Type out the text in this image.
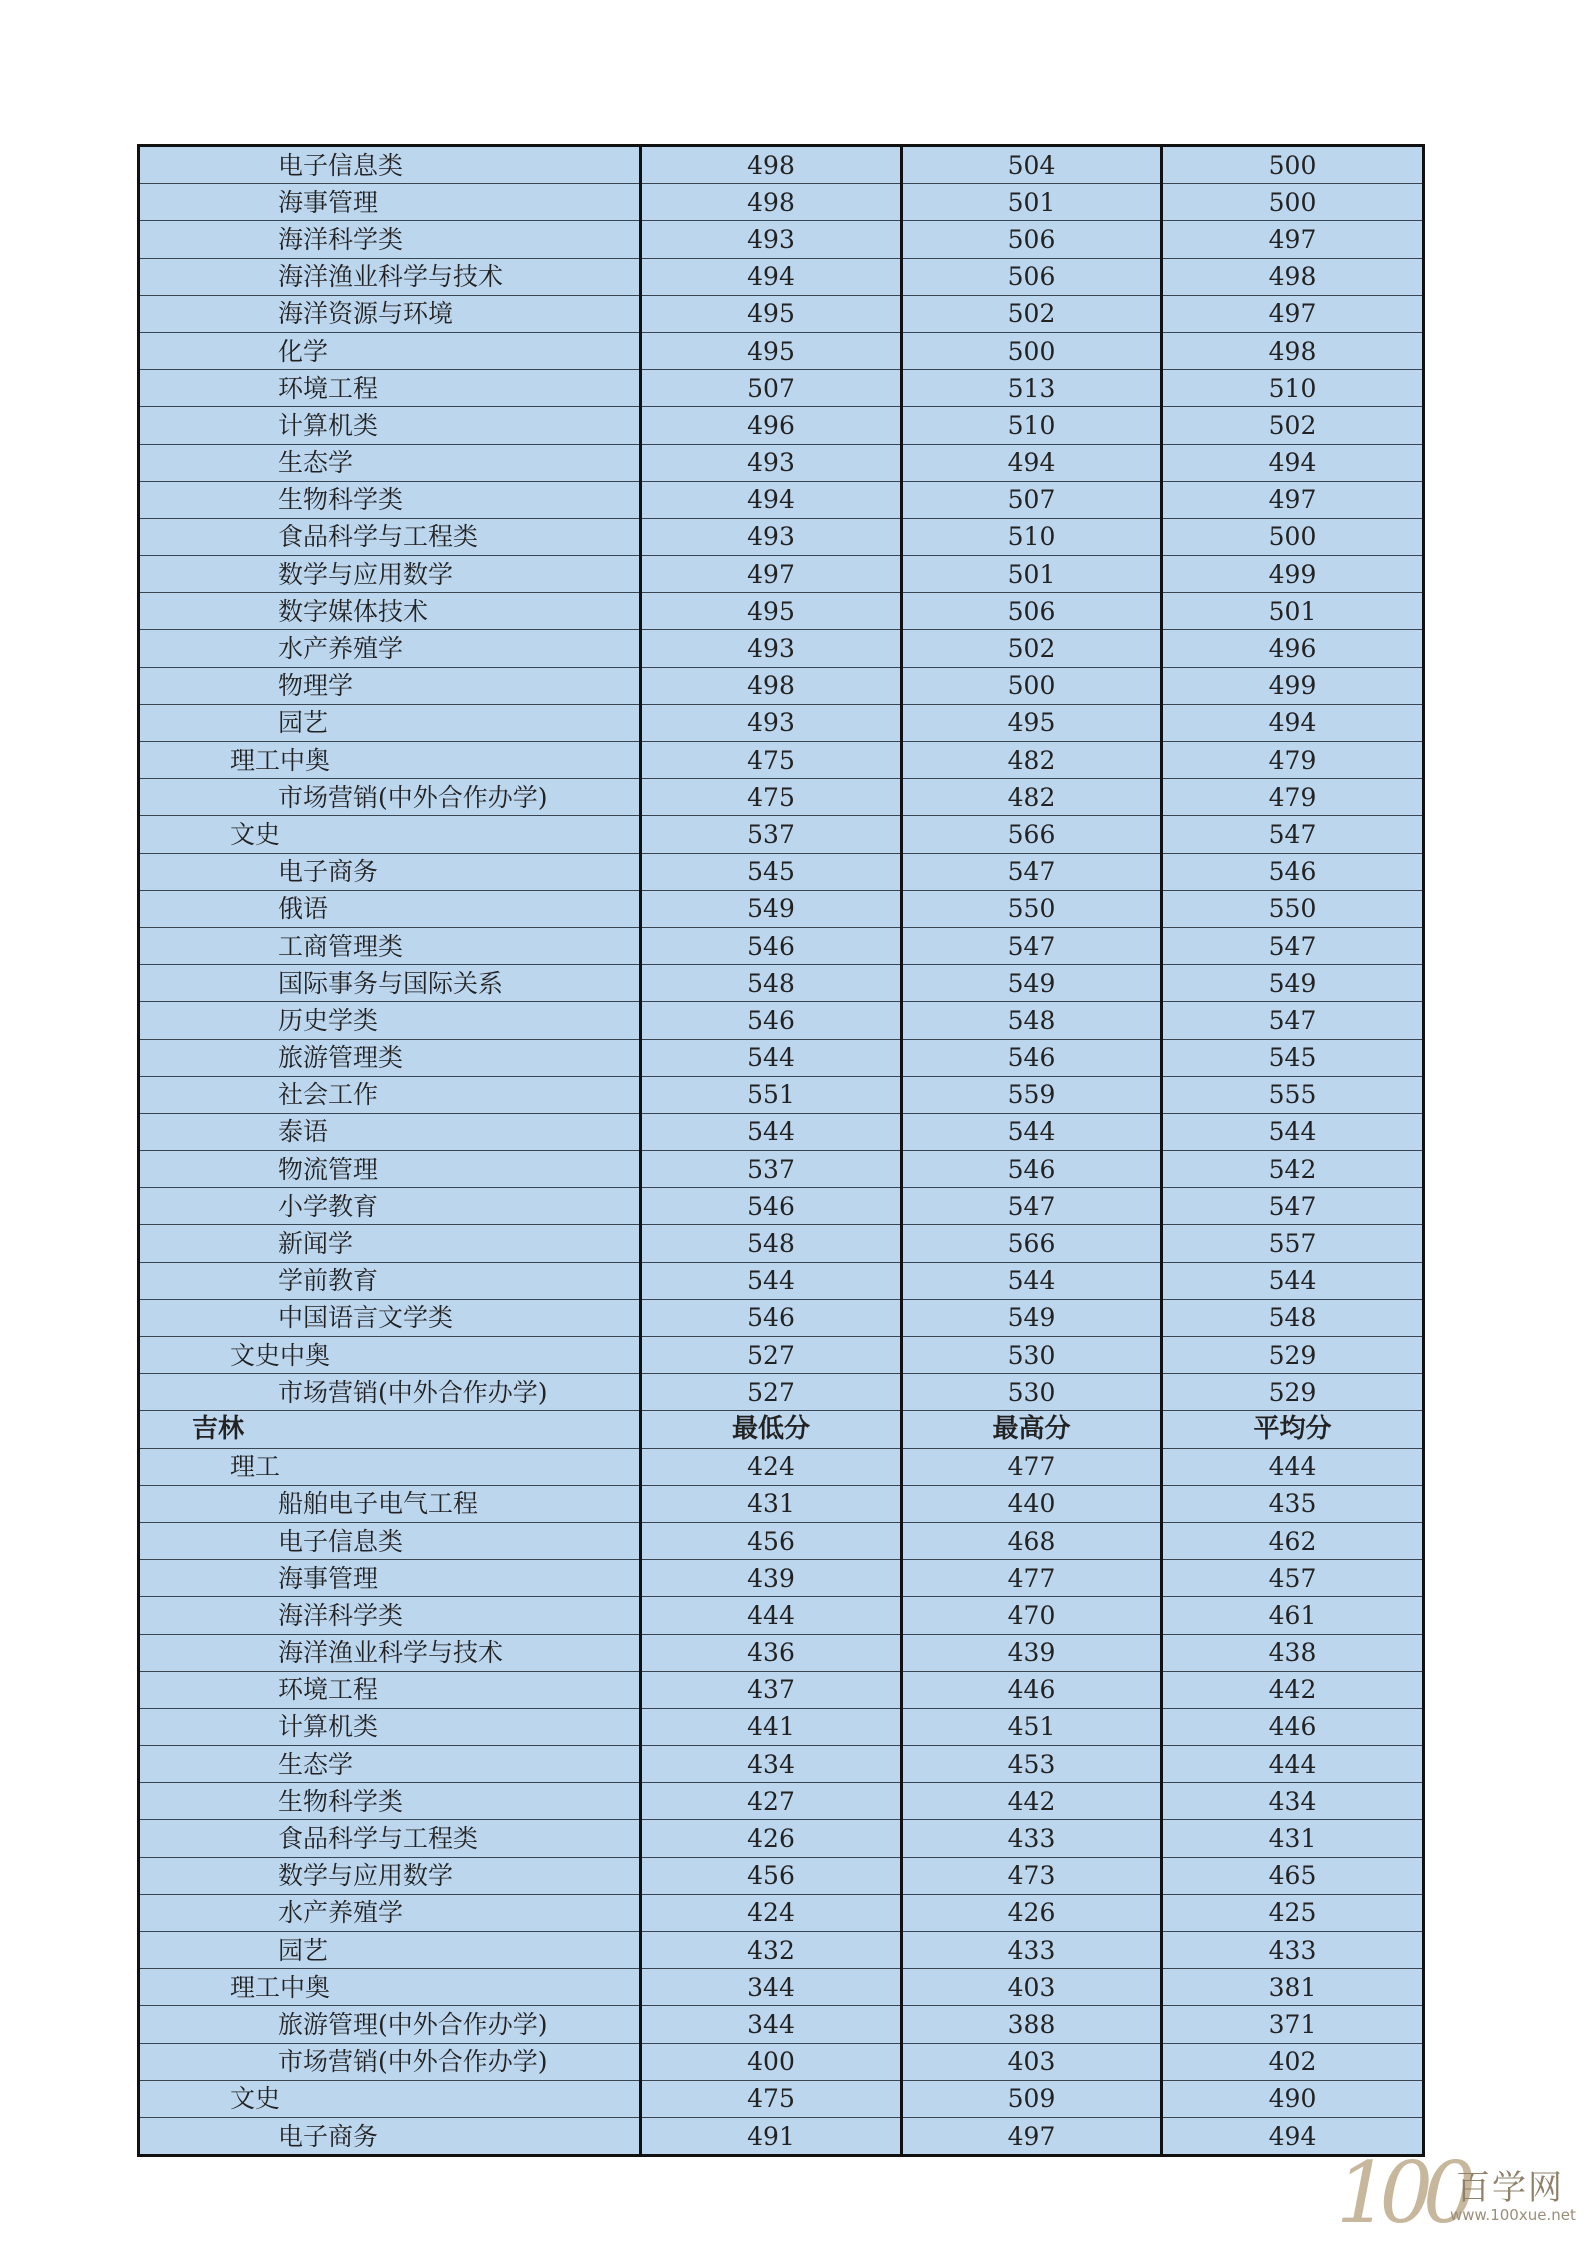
电子信息类	498	504	500
海事管理	498	501	500
海洋科学类	493	506	497
海洋渔业科学与技术	494	506	498
海洋资源与环境	495	502	497
化学	495	500	498
环境工程	507	513	510
计算机类	496	510	502
生态学	493	494	494
生物科学类	494	507	497
食品科学与工程类	493	510	500
数学与应用数学	497	501	499
数字媒体技术	495	506	501
水产养殖学	493	502	496
物理学	498	500	499
园艺	493	495	494
理工中奥	475	482	479
市场营销(中外合作办学)	475	482	479
文史	537	566	547
电子商务	545	547	546
俄语	549	550	550
工商管理类	546	547	547
国际事务与国际关系	548	549	549
历史学类	546	548	547
旅游管理类	544	546	545
社会工作	551	559	555
泰语	544	544	544
物流管理	537	546	542
小学教育	546	547	547
新闻学	548	566	557
学前教育	544	544	544
中国语言文学类	546	549	548
文史中奥	527	530	529
市场营销(中外合作办学)	527	530	529
吉林	最低分	最高分	平均分
理工	424	477	444
船舶电子电气工程	431	440	435
电子信息类	456	468	462
海事管理	439	477	457
海洋科学类	444	470	461
海洋渔业科学与技术	436	439	438
环境工程	437	446	442
计算机类	441	451	446
生态学	434	453	444
生物科学类	427	442	434
食品科学与工程类	426	433	431
数学与应用数学	456	473	465
水产养殖学	424	426	425
园艺	432	433	433
理工中奥	344	403	381
旅游管理(中外合作办学)	344	388	371
市场营销(中外合作办学)	400	403	402
文史	475	509	490
电子商务	491	497	494
100
百学网
www.100xue.net
